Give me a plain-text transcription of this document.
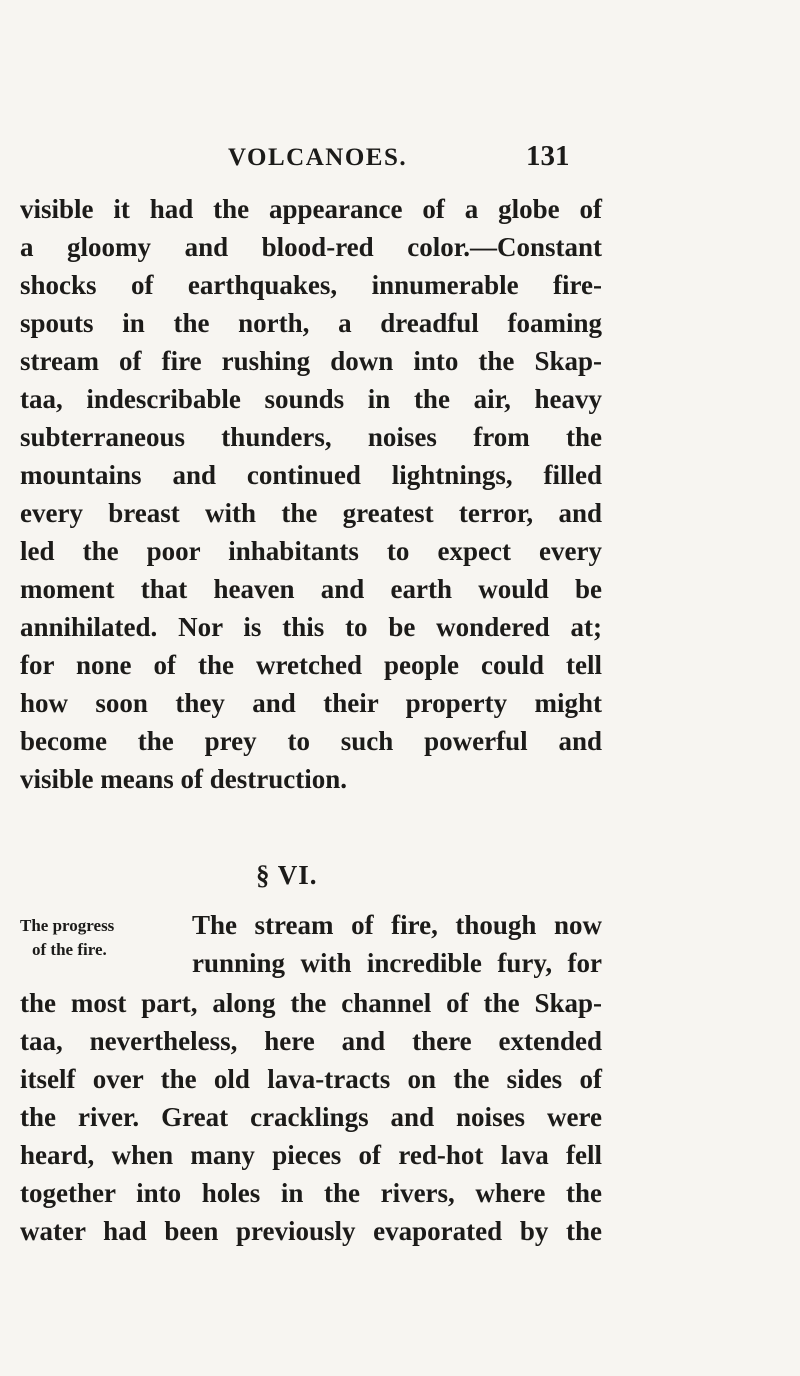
VOLCANOES.	131
visible it had the appearance of a globe of
a gloomy and blood-red color.—Constant
shocks of earthquakes, innumerable fire-
spouts in the north, a dreadful foaming
stream of fire rushing down into the Skap-
taa, indescribable sounds in the air, heavy
subterraneous thunders, noises from the
mountains and continued lightnings, filled
every breast with the greatest terror, and
led the poor inhabitants to expect every
moment that heaven and earth would be
annihilated. Nor is this to be wondered at;
for none of the wretched people could tell
how soon they and their property might
become the prey to such powerful and
visible means of destruction.
§ VI.
The progress
of the fire.
The stream of fire, though now
running with incredible fury, for
the most part, along the channel of the Skap-
taa, nevertheless, here and there extended
itself over the old lava-tracts on the sides of
the river. Great cracklings and noises were
heard, when many pieces of red-hot lava fell
together into holes in the rivers, where the
water had been previously evaporated by the
